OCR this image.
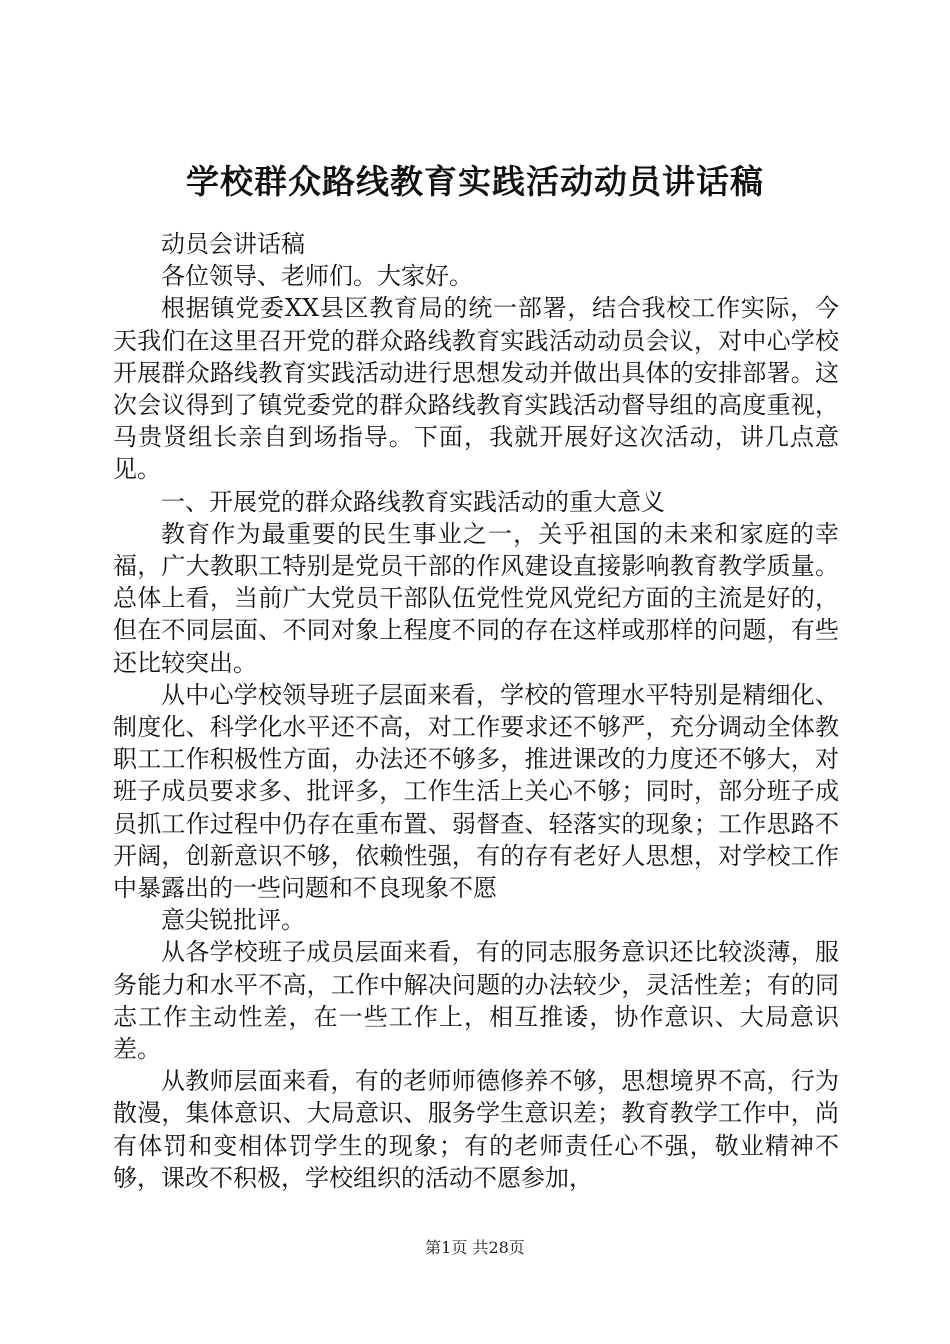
学校群众路线教育实践活动动员讲话稿

动员会讲话稿

各位领导、老师们。大家好。

根据镇党委XX县区教育局的统一部署，结合我校工作实际，今天我们在这里召开党的群众路线教育实践活动动员会议，对中心学校开展群众路线教育实践活动进行思想发动并做出具体的安排部署。这次会议得到了镇党委党的群众路线教育实践活动督导组的高度重视，马贵贤组长亲自到场指导。下面，我就开展好这次活动，讲几点意见。

一、开展党的群众路线教育实践活动的重大意义

教育作为最重要的民生事业之一，关乎祖国的未来和家庭的幸福，广大教职工特别是党员干部的作风建设直接影响教育教学质量。总体上看，当前广大党员干部队伍党性党风党纪方面的主流是好的，但在不同层面、不同对象上程度不同的存在这样或那样的问题，有些还比较突出。

从中心学校领导班子层面来看，学校的管理水平特别是精细化、制度化、科学化水平还不高，对工作要求还不够严，充分调动全体教职工工作积极性方面，办法还不够多，推进课改的力度还不够大，对班子成员要求多、批评多，工作生活上关心不够；同时，部分班子成员抓工作过程中仍存在重布置、弱督查、轻落实的现象；工作思路不开阔，创新意识不够，依赖性强，有的存有老好人思想，对学校工作中暴露出的一些问题和不良现象不愿

意尖锐批评。

从各学校班子成员层面来看，有的同志服务意识还比较淡薄，服务能力和水平不高，工作中解决问题的办法较少，灵活性差；有的同志工作主动性差，在一些工作上，相互推诿，协作意识、大局意识差。

从教师层面来看，有的老师师德修养不够，思想境界不高，行为散漫，集体意识、大局意识、服务学生意识差；教育教学工作中，尚有体罚和变相体罚学生的现象；有的老师责任心不强，敬业精神不够，课改不积极，学校组织的活动不愿参加，

第1页 共28页
